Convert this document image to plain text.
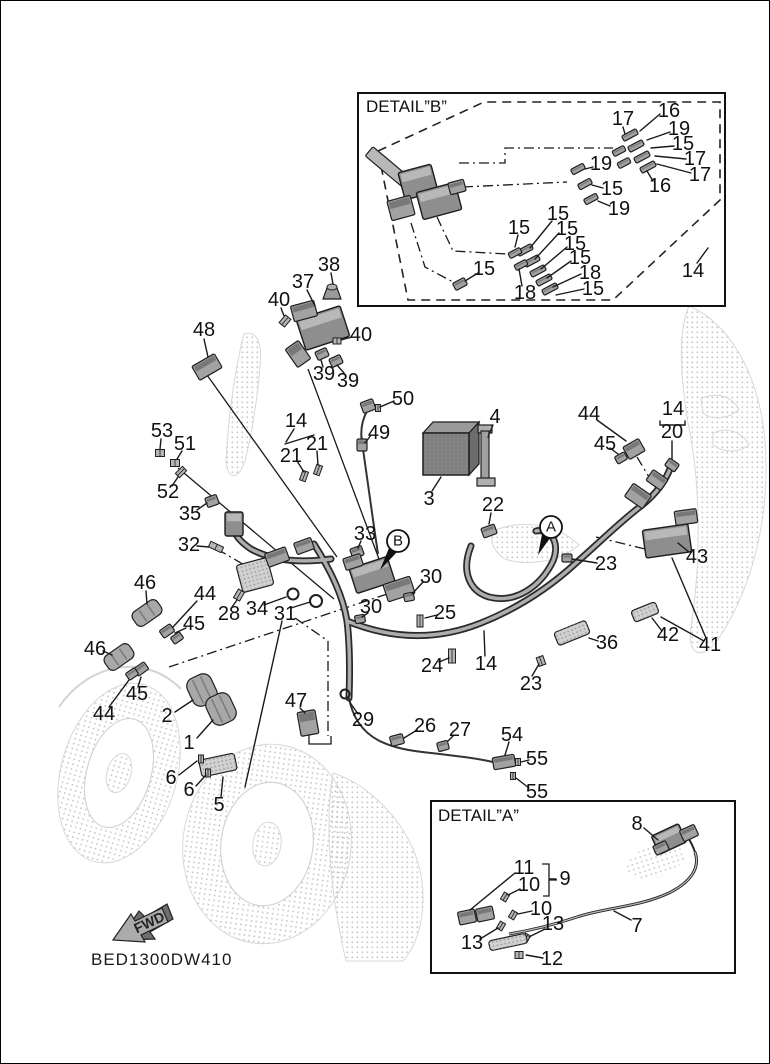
DETAIL”B”
DETAIL”A”
48
37
38
40
40
39 39
50
49
14
21
21
53
51
52
35
32	33
30
30	25
24 14
23
22
3
4	44
45
14
20
43
23
42 41
36
46 44
45
46
45
44 2
1
6
6
5
47
29 26 27 54
55
55
28 34 31
17 16
19
15
17
17
16
19
15
19
15
15
15
15
15
18
15
18
15	14
8
11
10 9
10
13
13
12
7
B
A
FWD
BED1300DW410
